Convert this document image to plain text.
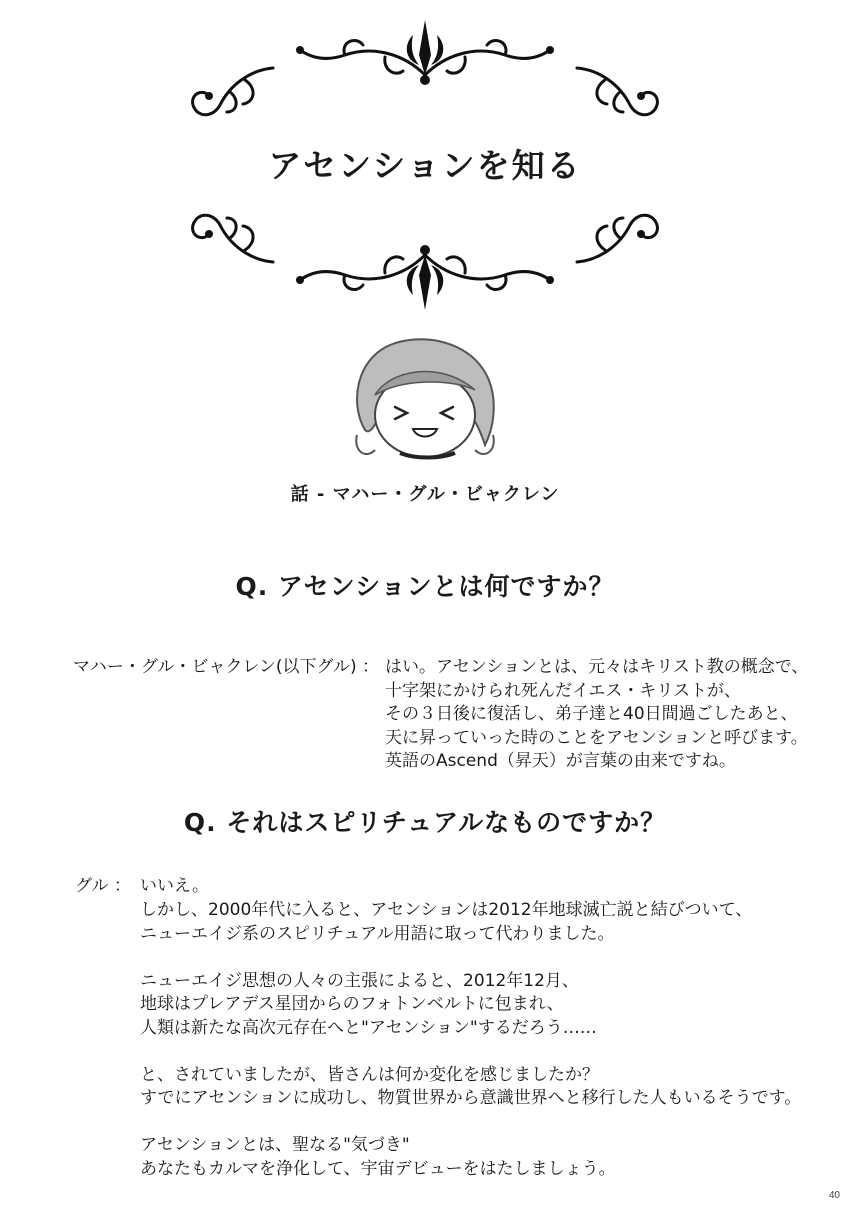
アセンションを知る
話 - マハー・グル・ビャクレン
Q. アセンションとは何ですか？
マハー・グル・ビャクレン(以下グル) ： はい。アセンションとは、元々はキリスト教の概念で、
十字架にかけられ死んだイエス・キリストが、
その３日後に復活し、弟子達と40日間過ごしたあと、
天に昇っていった時のことをアセンションと呼びます。
英語のAscend（昇天）が言葉の由来ですね。
Q. それはスピリチュアルなものですか？
グル ： いいえ。
しかし、2000年代に入ると、アセンションは2012年地球滅亡説と結びついて、
ニューエイジ系のスピリチュアル用語に取って代わりました。

ニューエイジ思想の人々の主張によると、2012年12月、
地球はプレアデス星団からのフォトンベルトに包まれ、
人類は新たな高次元存在へと"アセンション"するだろう……

と、されていましたが、皆さんは何か変化を感じましたか？
すでにアセンションに成功し、物質世界から意識世界へと移行した人もいるそうです。

アセンションとは、聖なる"気づき"
あなたもカルマを浄化して、宇宙デビューをはたしましょう。
40
